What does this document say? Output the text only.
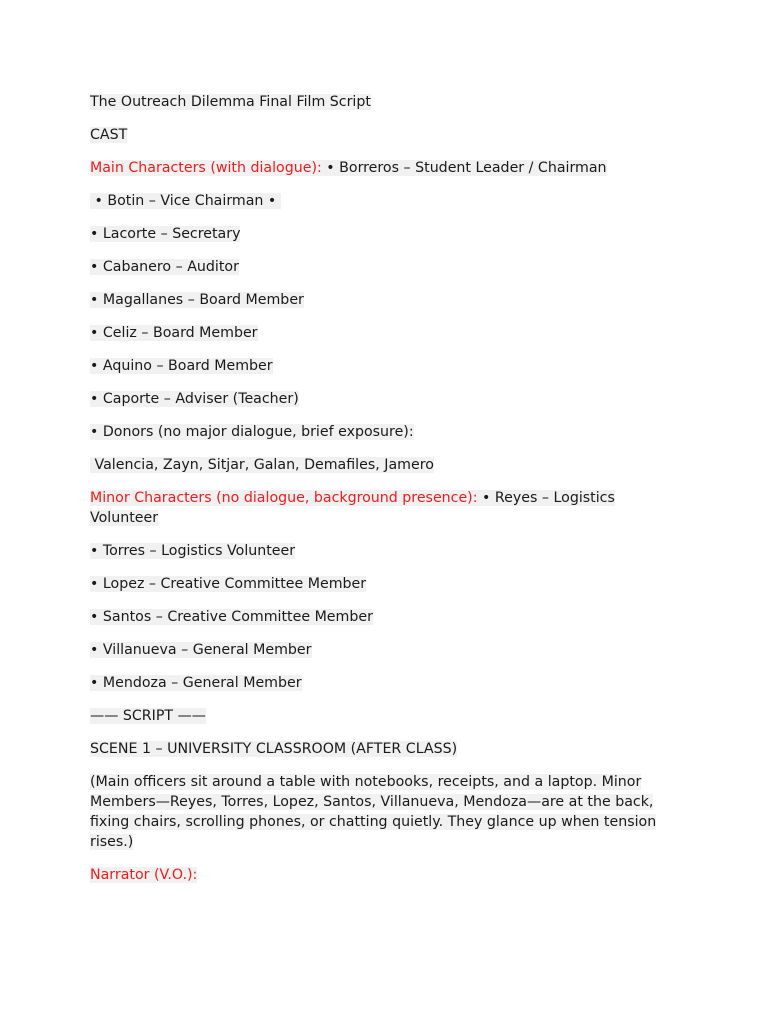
The Outreach Dilemma Final Film Script

CAST

Main Characters (with dialogue): • Borreros – Student Leader / Chairman

• Botin – Vice Chairman •

• Lacorte – Secretary

• Cabanero – Auditor

• Magallanes – Board Member

• Celiz – Board Member

• Aquino – Board Member

• Caporte – Adviser (Teacher)

• Donors (no major dialogue, brief exposure):

Valencia, Zayn, Sitjar, Galan, Demafiles, Jamero

Minor Characters (no dialogue, background presence): • Reyes – Logistics Volunteer

• Torres – Logistics Volunteer

• Lopez – Creative Committee Member

• Santos – Creative Committee Member

• Villanueva – General Member

• Mendoza – General Member

—— SCRIPT ——

SCENE 1 – UNIVERSITY CLASSROOM (AFTER CLASS)

(Main officers sit around a table with notebooks, receipts, and a laptop. Minor Members—Reyes, Torres, Lopez, Santos, Villanueva, Mendoza—are at the back, fixing chairs, scrolling phones, or chatting quietly. They glance up when tension rises.)

Narrator (V.O.):
